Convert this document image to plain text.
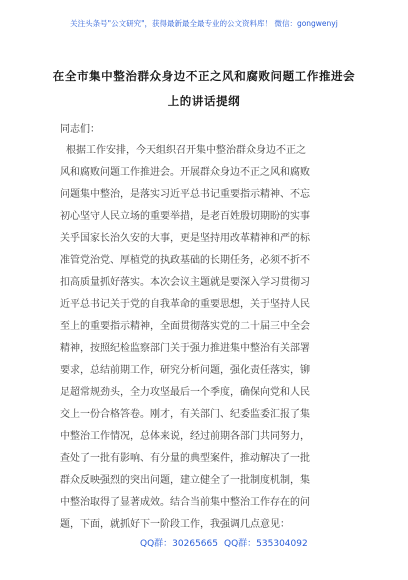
关注头条号"公文研究"，获得最新最全最专业的公文资料库！ 微信：gongwenyj
在全市集中整治群众身边不正之风和腐败问题工作推进会
上的讲话提纲
同志们：
根据工作安排，今天组织召开集中整治群众身边不正之
风和腐败问题工作推进会。开展群众身边不正之风和腐败
问题集中整治，是落实习近平总书记重要指示精神、不忘
初心坚守人民立场的重要举措，是老百姓殷切期盼的实事
关乎国家长治久安的大事，更是坚持用改革精神和严的标
准管党治党、厚植党的执政基础的长期任务，必须不折不
扣高质量抓好落实。本次会议主题就是要深入学习贯彻习
近平总书记关于党的自我革命的重要思想，关于坚持人民
至上的重要指示精神，全面贯彻落实党的二十届三中全会
精神，按照纪检监察部门关于强力推进集中整治有关部署
要求，总结前期工作，研究分析问题，强化责任落实，铆
足超常规劲头，全力攻坚最后一个季度，确保向党和人民
交上一份合格答卷。刚才，有关部门、纪委监委汇报了集
中整治工作情况，总体来说，经过前期各部门共同努力，
查处了一批有影响、有分量的典型案件，推动解决了一批
群众反映强烈的突出问题，建立健全了一批制度机制，集
中整治取得了显著成效。结合当前集中整治工作存在的问
题，下面，就抓好下一阶段工作，我强调几点意见：
QQ群：30265665 QQ群：535304092
